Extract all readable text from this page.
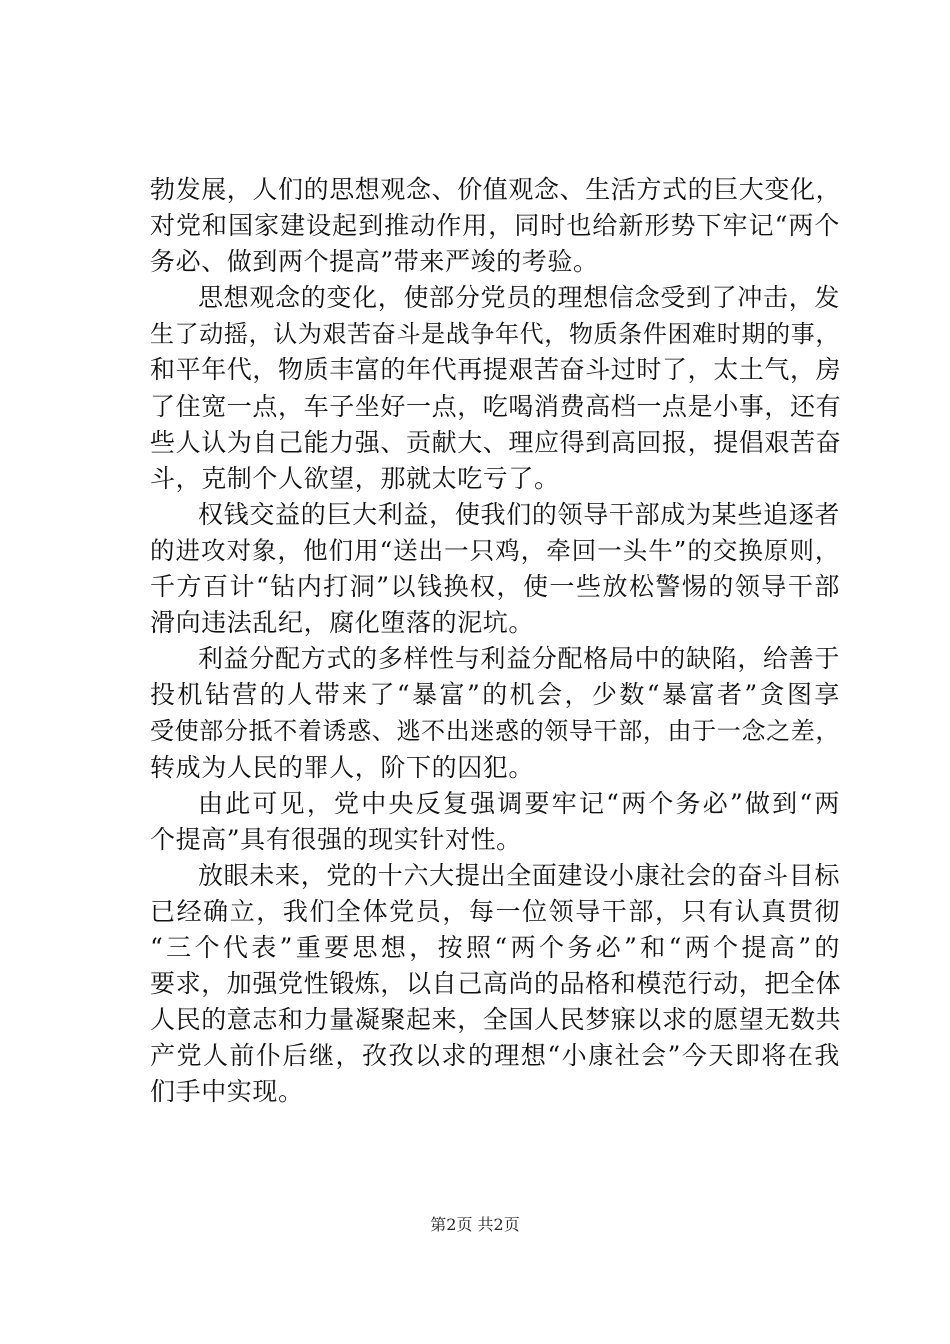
勃发展，人们的思想观念、价值观念、生活方式的巨大变化，
对党和国家建设起到推动作用，同时也给新形势下牢记“两个
务必、做到两个提高”带来严竣的考验。
思想观念的变化，使部分党员的理想信念受到了冲击，发
生了动摇，认为艰苦奋斗是战争年代，物质条件困难时期的事，
和平年代，物质丰富的年代再提艰苦奋斗过时了，太土气，房
了住宽一点，车子坐好一点，吃喝消费高档一点是小事，还有
些人认为自己能力强、贡献大、理应得到高回报，提倡艰苦奋
斗，克制个人欲望，那就太吃亏了。
权钱交益的巨大利益，使我们的领导干部成为某些追逐者
的进攻对象，他们用“送出一只鸡，牵回一头牛”的交换原则，
千方百计“钻内打洞”以钱换权，使一些放松警惕的领导干部
滑向违法乱纪，腐化堕落的泥坑。
利益分配方式的多样性与利益分配格局中的缺陷，给善于
投机钻营的人带来了“暴富”的机会，少数“暴富者”贪图享
受使部分抵不着诱惑、逃不出迷惑的领导干部，由于一念之差，
转成为人民的罪人，阶下的囚犯。
由此可见，党中央反复强调要牢记“两个务必”做到“两
个提高”具有很强的现实针对性。
放眼未来，党的十六大提出全面建设小康社会的奋斗目标
已经确立，我们全体党员，每一位领导干部，只有认真贯彻
“三个代表”重要思想，按照“两个务必”和“两个提高”的
要求，加强党性锻炼，以自己高尚的品格和模范行动，把全体
人民的意志和力量凝聚起来，全国人民梦寐以求的愿望无数共
产党人前仆后继，孜孜以求的理想“小康社会”今天即将在我
们手中实现。
第2页 共2页
